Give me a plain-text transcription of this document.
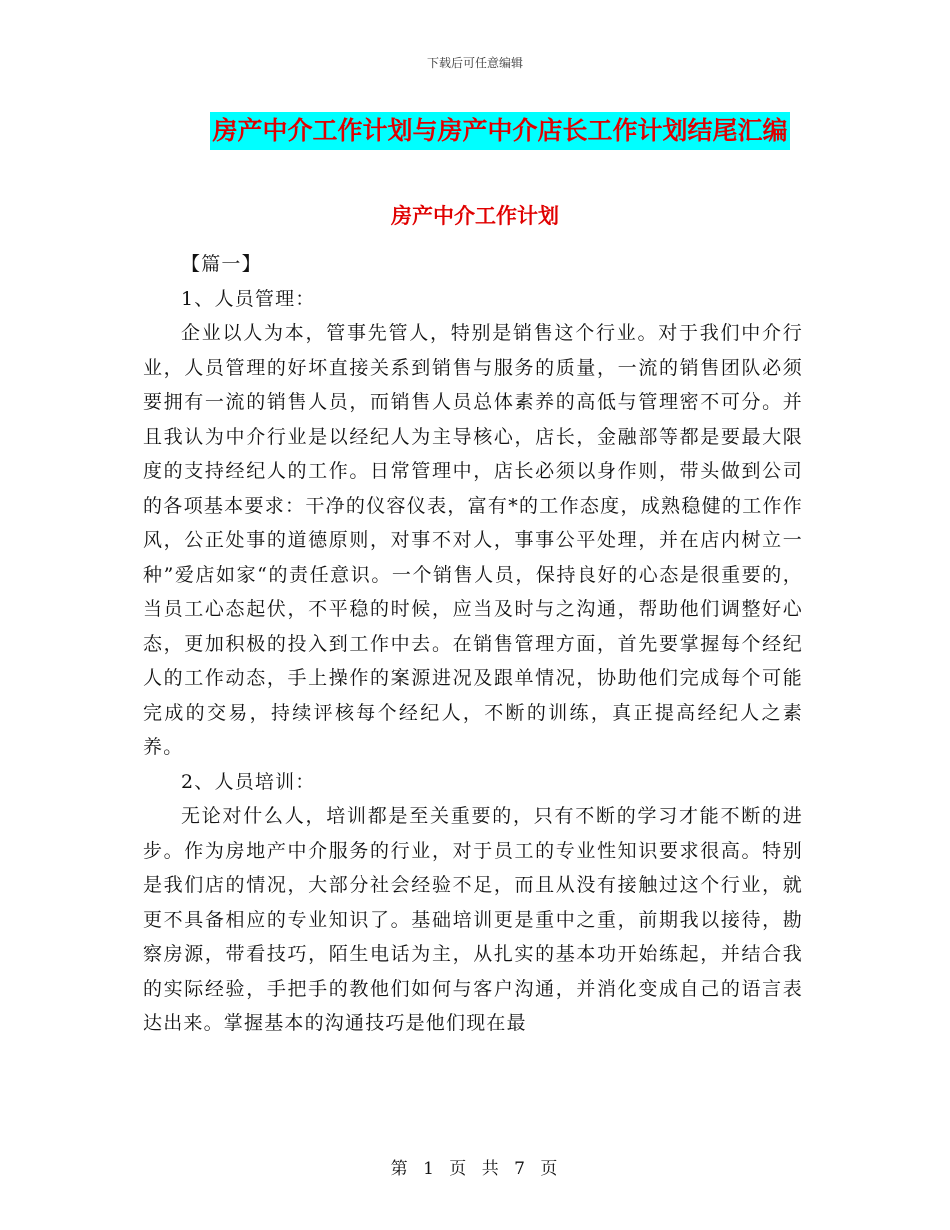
下载后可任意编辑
房产中介工作计划与房产中介店长工作计划结尾汇编
房产中介工作计划

【篇一】

1、人员管理：

企业以人为本，管事先管人，特别是销售这个行业。对于我们中介行业，人员管理的好坏直接关系到销售与服务的质量，一流的销售团队必须要拥有一流的销售人员，而销售人员总体素养的高低与管理密不可分。并且我认为中介行业是以经纪人为主导核心，店长，金融部等都是要最大限度的支持经纪人的工作。日常管理中，店长必须以身作则，带头做到公司的各项基本要求：干净的仪容仪表，富有*的工作态度，成熟稳健的工作作风，公正处事的道德原则，对事不对人，事事公平处理，并在店内树立一种”爱店如家“的责任意识。一个销售人员，保持良好的心态是很重要的，当员工心态起伏，不平稳的时候，应当及时与之沟通，帮助他们调整好心态，更加积极的投入到工作中去。在销售管理方面，首先要掌握每个经纪人的工作动态，手上操作的案源进况及跟单情况，协助他们完成每个可能完成的交易，持续评核每个经纪人，不断的训练，真正提高经纪人之素养。

2、人员培训：

无论对什么人，培训都是至关重要的，只有不断的学习才能不断的进步。作为房地产中介服务的行业，对于员工的专业性知识要求很高。特别是我们店的情况，大部分社会经验不足，而且从没有接触过这个行业，就更不具备相应的专业知识了。基础培训更是重中之重，前期我以接待，勘察房源，带看技巧，陌生电话为主，从扎实的基本功开始练起，并结合我的实际经验，手把手的教他们如何与客户沟通，并消化变成自己的语言表达出来。掌握基本的沟通技巧是他们现在最

第 1 页 共 7 页
